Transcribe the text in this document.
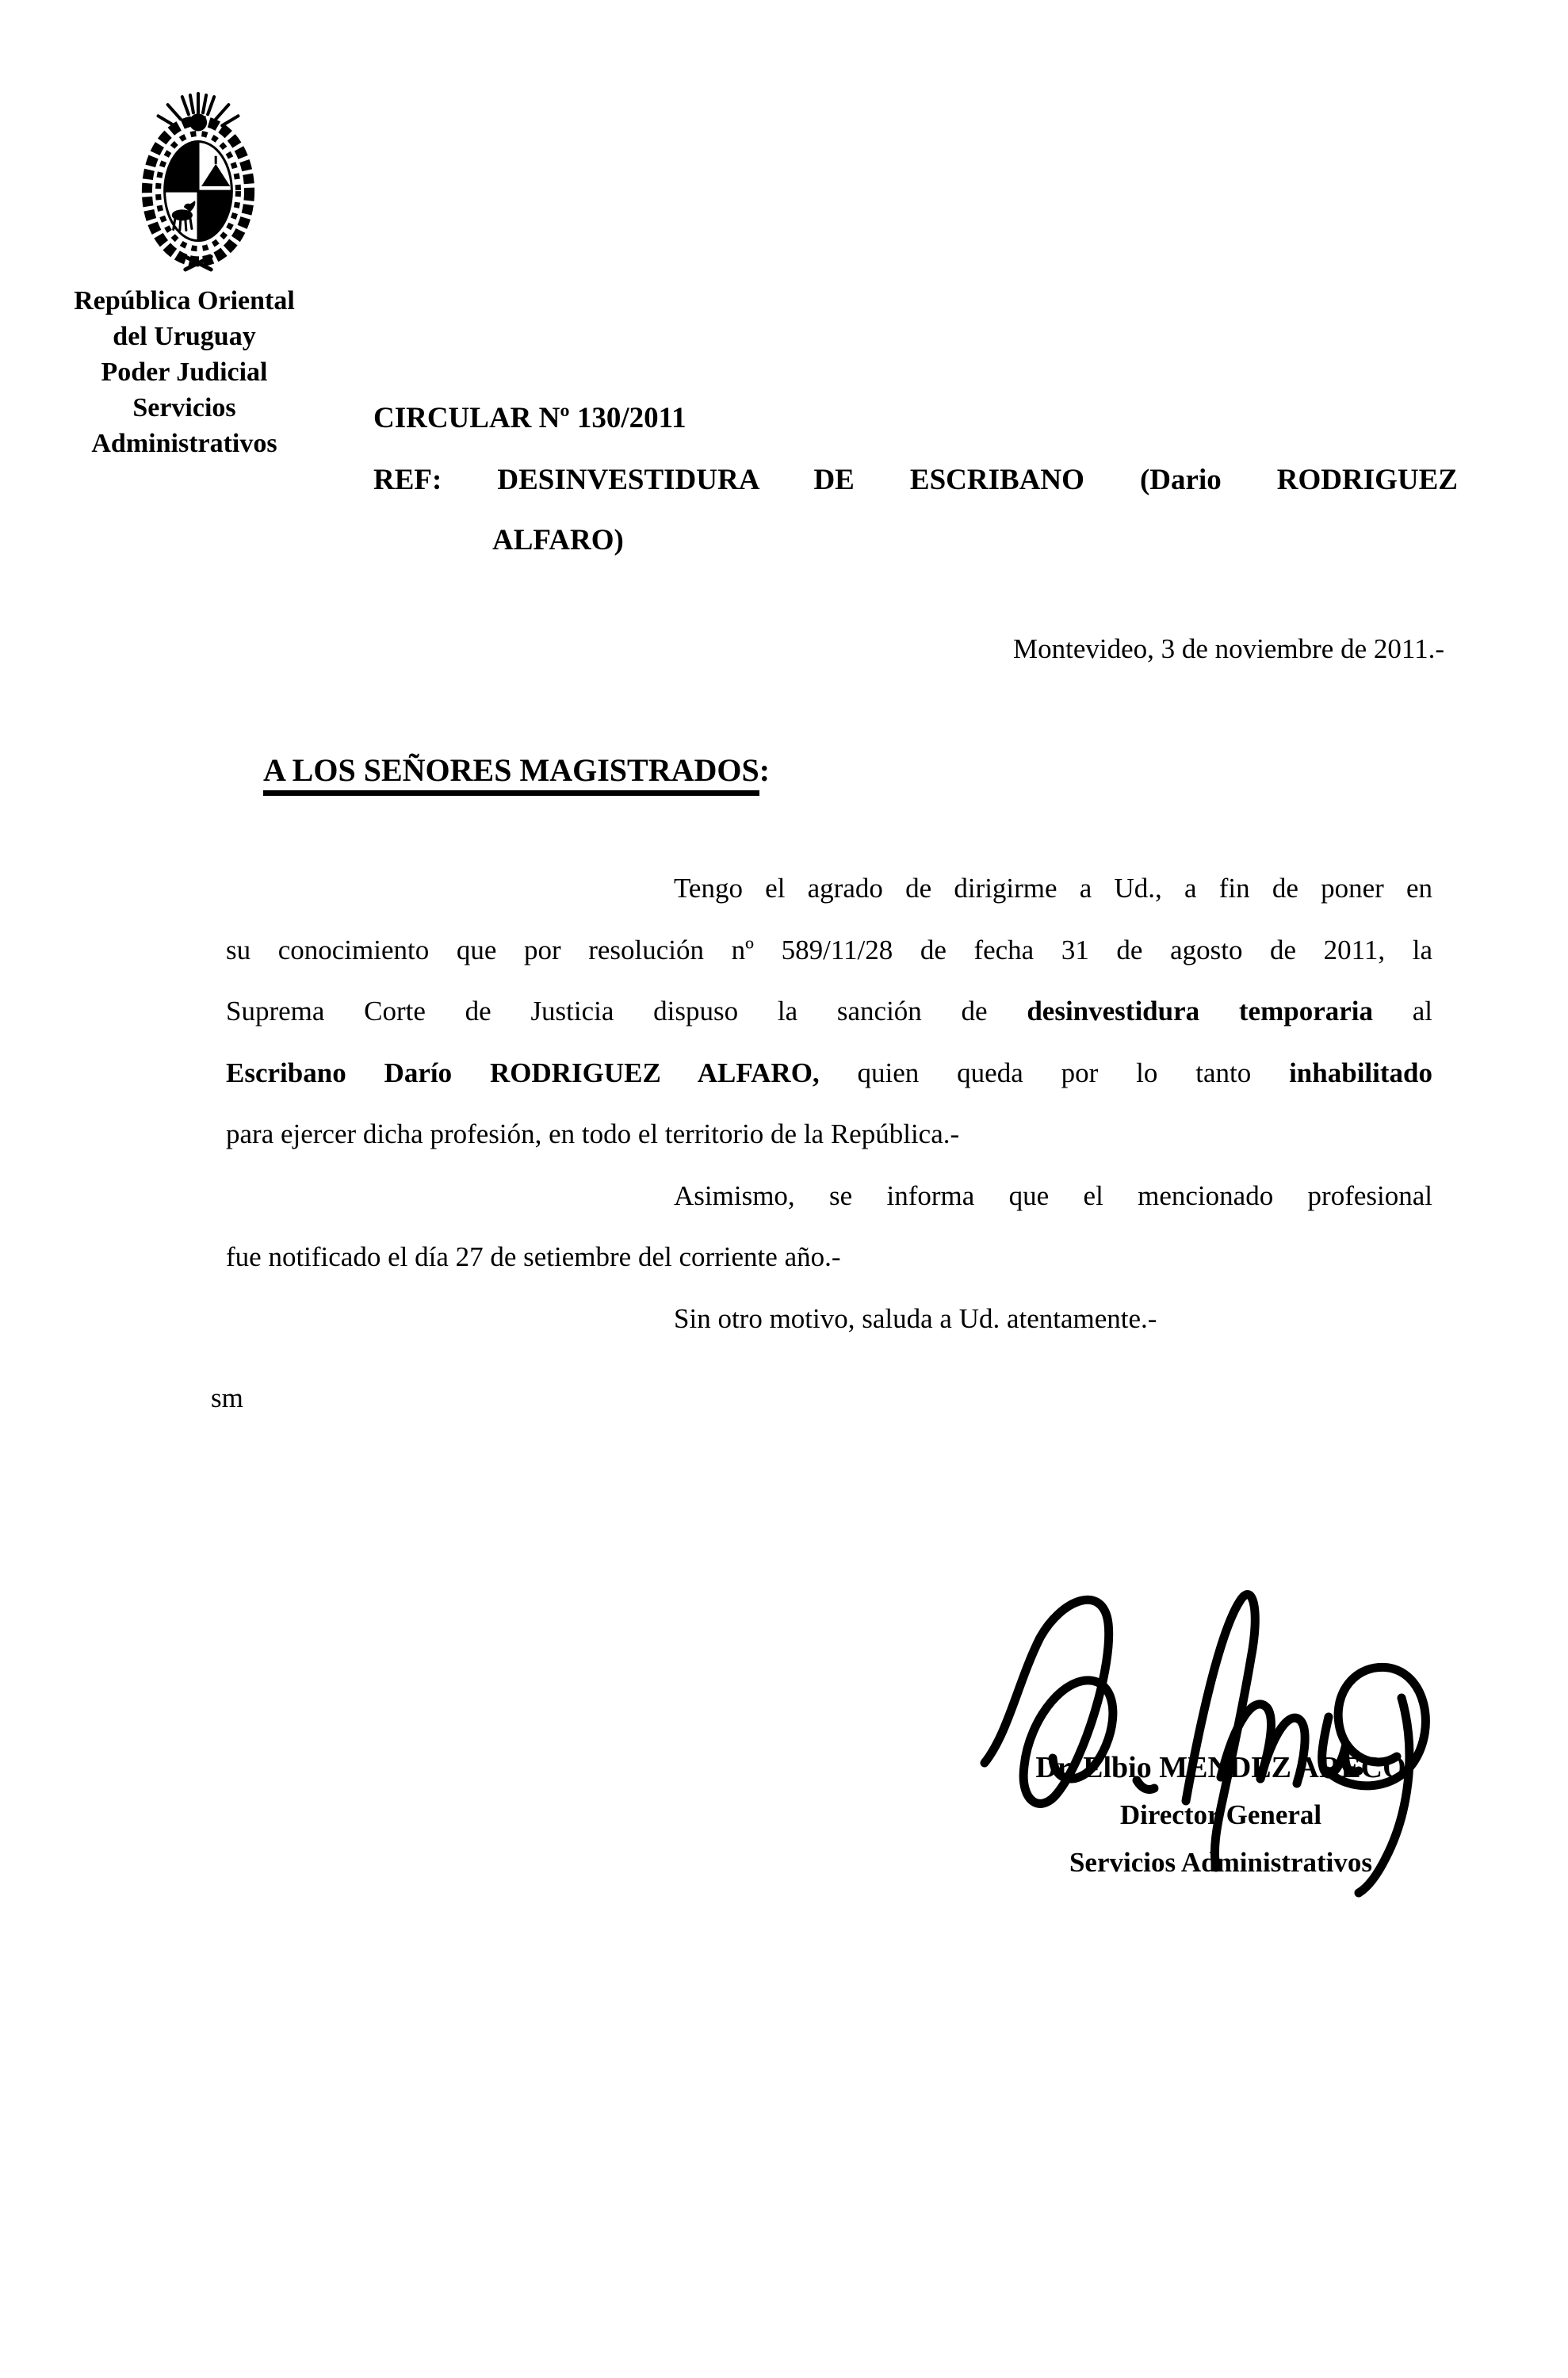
República Oriental
del Uruguay
Poder Judicial
Servicios
Administrativos
CIRCULAR Nº 130/2011
REF: DESINVESTIDURA DE ESCRIBANO (Dario RODRIGUEZ
ALFARO)
Montevideo, 3 de noviembre de 2011.-
A LOS SEÑORES MAGISTRADOS:
Tengo el agrado de dirigirme a Ud., a fin de poner en
su conocimiento que por resolución nº 589/11/28 de fecha 31 de agosto de 2011, la
Suprema Corte de Justicia dispuso la sanción de desinvestidura temporaria al
Escribano Darío RODRIGUEZ ALFARO, quien queda por lo tanto inhabilitado
para ejercer dicha profesión, en todo el territorio de la República.-
Asimismo, se informa que el mencionado profesional
fue notificado el día 27 de setiembre del corriente año.-
Sin otro motivo, saluda a Ud. atentamente.-
sm
Dr. Elbio MENDEZ ARECO
Director General
Servicios Administrativos
